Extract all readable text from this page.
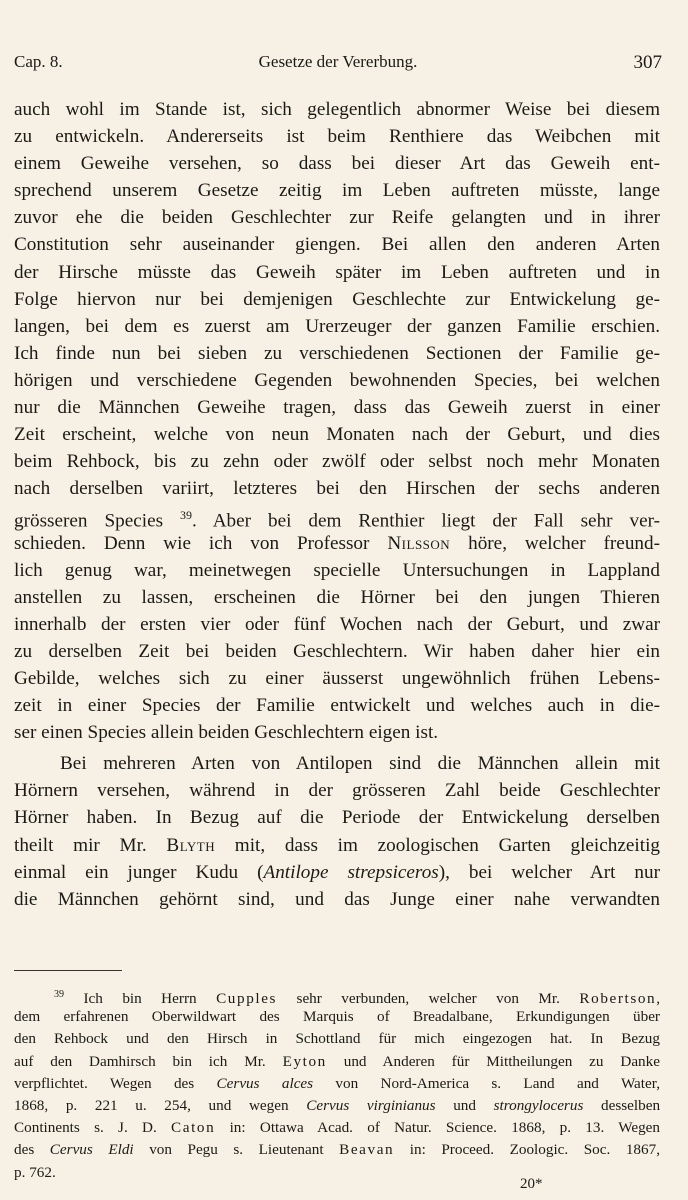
Cap. 8.	Gesetze der Vererbung.	307
auch wohl im Stande ist, sich gelegentlich abnormer Weise bei diesem
zu entwickeln. Andererseits ist beim Renthiere das Weibchen mit
einem Geweihe versehen, so dass bei dieser Art das Geweih ent-
sprechend unserem Gesetze zeitig im Leben auftreten müsste, lange
zuvor ehe die beiden Geschlechter zur Reife gelangten und in ihrer
Constitution sehr auseinander giengen. Bei allen den anderen Arten
der Hirsche müsste das Geweih später im Leben auftreten und in
Folge hiervon nur bei demjenigen Geschlechte zur Entwickelung ge-
langen, bei dem es zuerst am Urerzeuger der ganzen Familie erschien.
Ich finde nun bei sieben zu verschiedenen Sectionen der Familie ge-
hörigen und verschiedene Gegenden bewohnenden Species, bei welchen
nur die Männchen Geweihe tragen, dass das Geweih zuerst in einer
Zeit erscheint, welche von neun Monaten nach der Geburt, und dies
beim Rehbock, bis zu zehn oder zwölf oder selbst noch mehr Monaten
nach derselben variirt, letzteres bei den Hirschen der sechs anderen
grösseren Species $^{39}$. Aber bei dem Renthier liegt der Fall sehr ver-
schieden. Denn wie ich von Professor Nilsson höre, welcher freund-
lich genug war, meinetwegen specielle Untersuchungen in Lappland
anstellen zu lassen, erscheinen die Hörner bei den jungen Thieren
innerhalb der ersten vier oder fünf Wochen nach der Geburt, und zwar
zu derselben Zeit bei beiden Geschlechtern. Wir haben daher hier ein
Gebilde, welches sich zu einer äusserst ungewöhnlich frühen Lebens-
zeit in einer Species der Familie entwickelt und welches auch in die-
ser einen Species allein beiden Geschlechtern eigen ist.
Bei mehreren Arten von Antilopen sind die Männchen allein mit
Hörnern versehen, während in der grösseren Zahl beide Geschlechter
Hörner haben. In Bezug auf die Periode der Entwickelung derselben
theilt mir Mr. Blyth mit, dass im zoologischen Garten gleichzeitig
einmal ein junger Kudu (Antilope strepsiceros), bei welcher Art nur
die Männchen gehörnt sind, und das Junge einer nahe verwandten
$^{39}$ Ich bin Herrn Cupples sehr verbunden, welcher von Mr. Robertson,
dem erfahrenen Oberwildwart des Marquis of Breadalbane, Erkundigungen über
den Rehbock und den Hirsch in Schottland für mich eingezogen hat. In Bezug
auf den Damhirsch bin ich Mr. Eyton und Anderen für Mittheilungen zu Danke
verpflichtet. Wegen des Cervus alces von Nord-America s. Land and Water,
1868, p. 221 u. 254, und wegen Cervus virginianus und strongylocerus desselben
Continents s. J. D. Caton in: Ottawa Acad. of Natur. Science. 1868, p. 13. Wegen
des Cervus Eldi von Pegu s. Lieutenant Beavan in: Proceed. Zoologic. Soc. 1867,
p. 762.
20*
